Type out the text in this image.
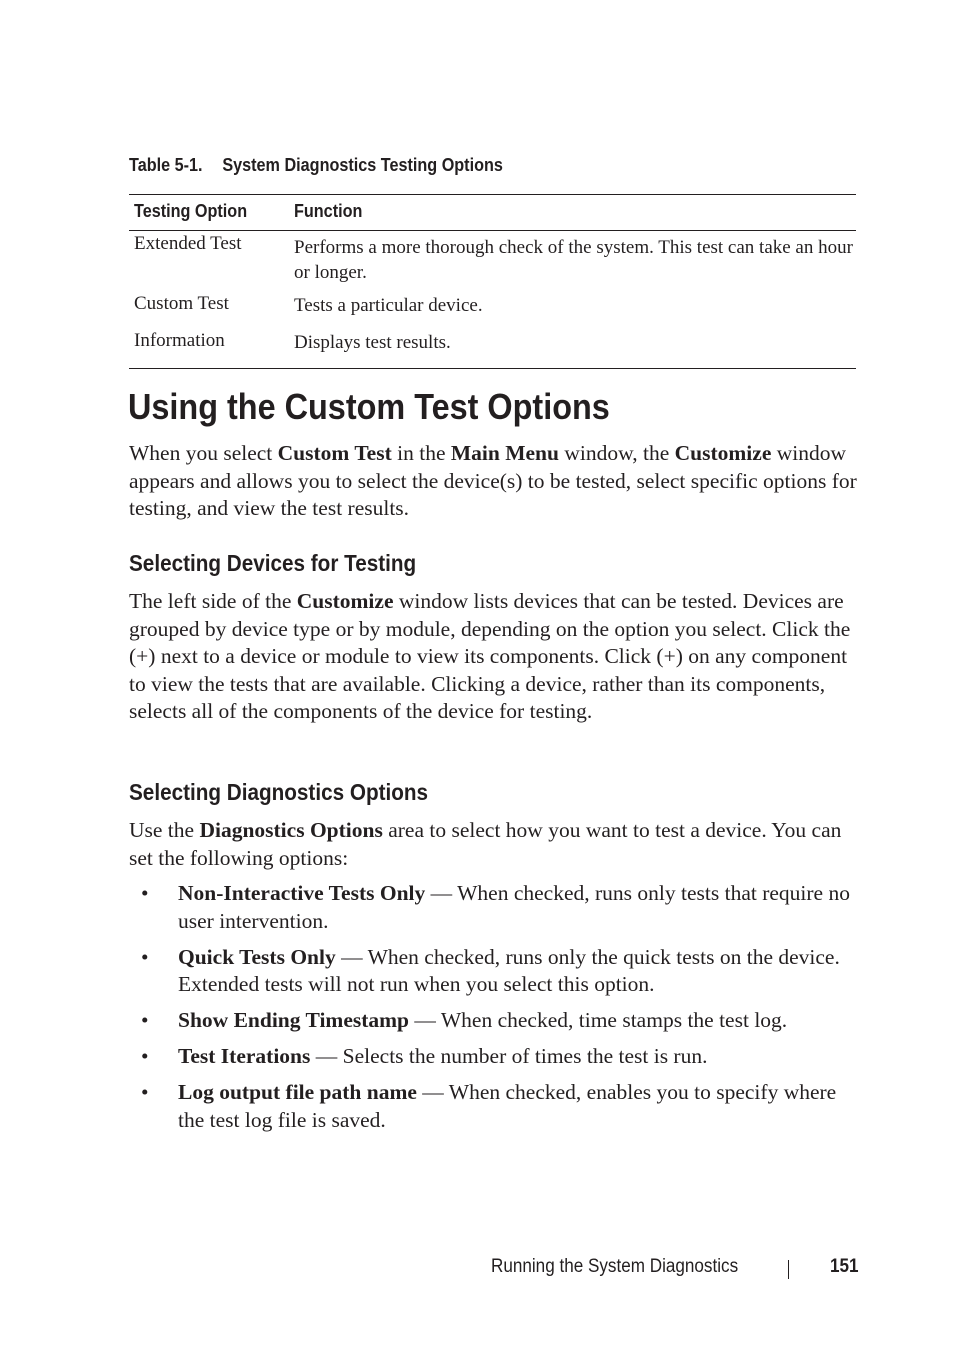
Table 5-1. System Diagnostics Testing Options
Testing Option	Function
Extended Test	Performs a more thorough check of the system. This test can take an hour or longer.
Custom Test	Tests a particular device.
Information	Displays test results.
Using the Custom Test Options

When you select Custom Test in the Main Menu window, the Customize window appears and allows you to select the device(s) to be tested, select specific options for testing, and view the test results.

Selecting Devices for Testing

The left side of the Customize window lists devices that can be tested. Devices are grouped by device type or by module, depending on the option you select. Click the (+) next to a device or module to view its components. Click (+) on any component to view the tests that are available. Clicking a device, rather than its components, selects all of the components of the device for testing.

Selecting Diagnostics Options

Use the Diagnostics Options area to select how you want to test a device. You can set the following options:

• Non-Interactive Tests Only — When checked, runs only tests that require no user intervention.
• Quick Tests Only — When checked, runs only the quick tests on the device. Extended tests will not run when you select this option.
• Show Ending Timestamp — When checked, time stamps the test log.
• Test Iterations — Selects the number of times the test is run.
• Log output file path name — When checked, enables you to specify where the test log file is saved.
Running the System Diagnostics	151
